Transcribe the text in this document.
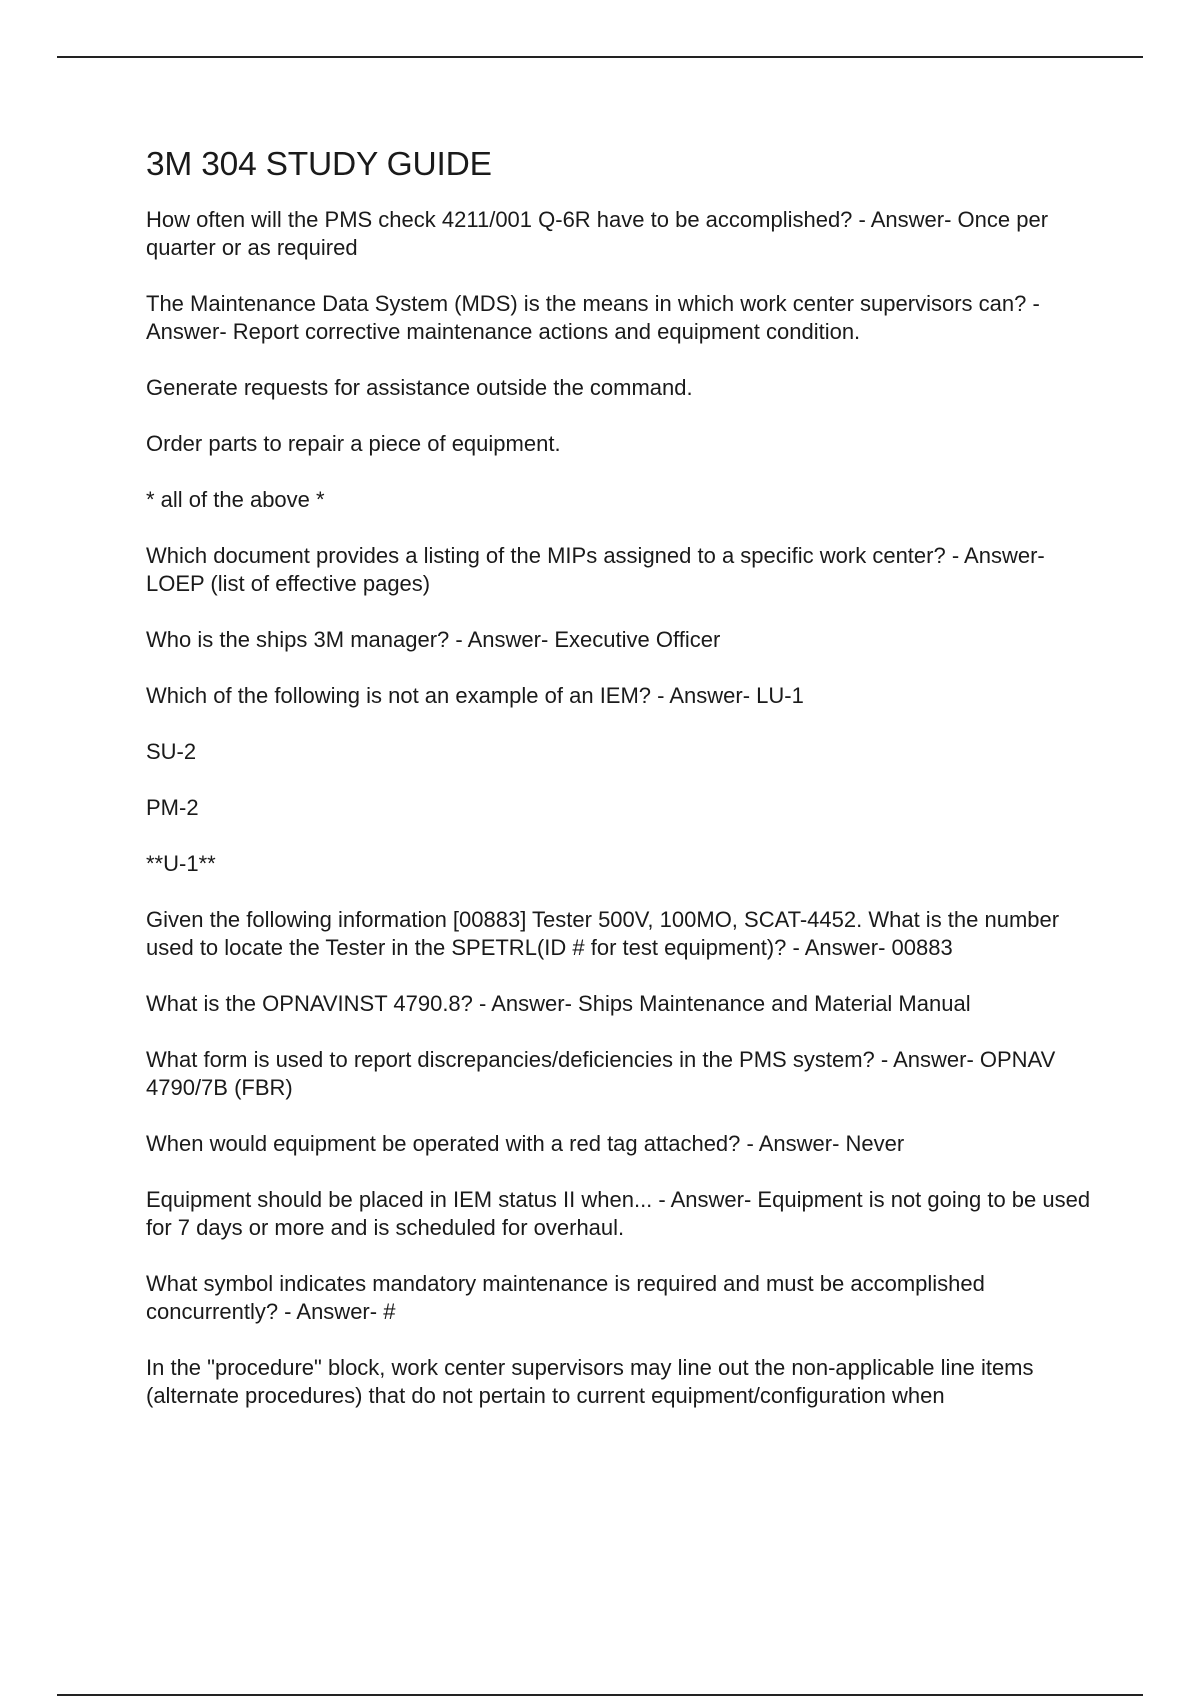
3M 304 STUDY GUIDE

How often will the PMS check 4211/001 Q-6R have to be accomplished? - Answer- Once per quarter or as required

The Maintenance Data System (MDS) is the means in which work center supervisors can? - Answer- Report corrective maintenance actions and equipment condition.

Generate requests for assistance outside the command.

Order parts to repair a piece of equipment.

* all of the above *

Which document provides a listing of the MIPs assigned to a specific work center? - Answer- LOEP (list of effective pages)

Who is the ships 3M manager? - Answer- Executive Officer

Which of the following is not an example of an IEM? - Answer- LU-1

SU-2

PM-2

**U-1**

Given the following information [00883] Tester 500V, 100MO, SCAT-4452. What is the number used to locate the Tester in the SPETRL(ID # for test equipment)? - Answer- 00883

What is the OPNAVINST 4790.8? - Answer- Ships Maintenance and Material Manual

What form is used to report discrepancies/deficiencies in the PMS system? - Answer- OPNAV 4790/7B (FBR)

When would equipment be operated with a red tag attached? - Answer- Never

Equipment should be placed in IEM status II when... - Answer- Equipment is not going to be used for 7 days or more and is scheduled for overhaul.

What symbol indicates mandatory maintenance is required and must be accomplished concurrently? - Answer- #

In the "procedure" block, work center supervisors may line out the non-applicable line items (alternate procedures) that do not pertain to current equipment/configuration when
